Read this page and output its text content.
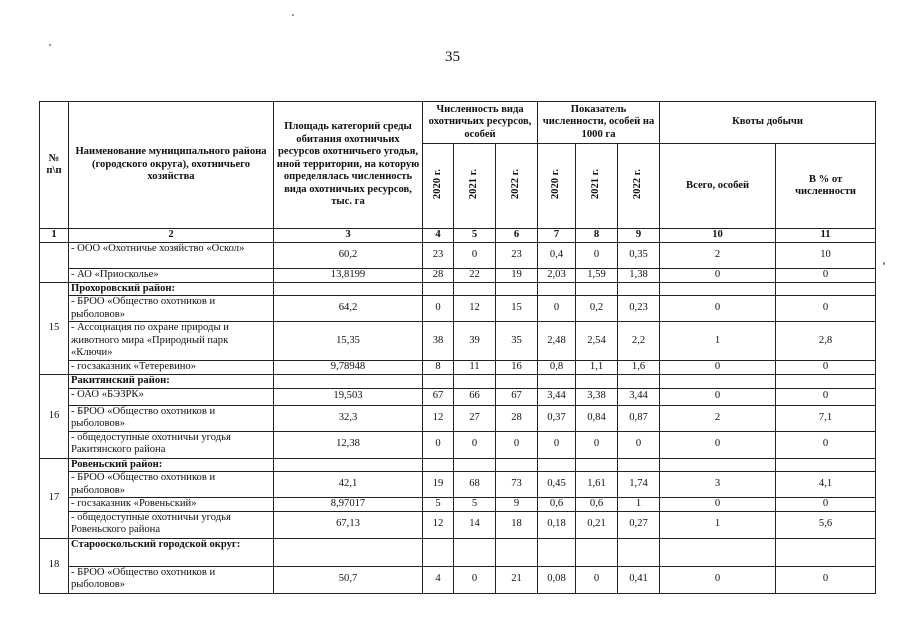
35
№ п\п	Наименование муниципального района (городского округа), охотничьего хозяйства	Площадь категорий среды обитания охотничьих ресурсов охотничьего угодья, иной территории, на которую определялась численность вида охотничьих ресурсов, тыс. га	Численность вида охотничьих ресурсов, особей			Показатель численности, особей на 1000 га			Квоты добычи	
			2020 г.	2021 г.	2022 г.	2020 г.	2021 г.	2022 г.	Всего, особей	В % от численности
1	2	3	4	5	6	7	8	9	10	11
	- ООО «Охотничье хозяйство «Оскол»	60,2	23	0	23	0,4	0	0,35	2	10
	- АО «Приосколье»	13,8199	28	22	19	2,03	1,59	1,38	0	0
15	Прохоровский район:									
	- БРОО «Общество охотников и рыболовов»	64,2	0	12	15	0	0,2	0,23	0	0
	- Ассоциация по охране природы и животного мира «Природный парк «Ключи»	15,35	38	39	35	2,48	2,54	2,2	1	2,8
	- госзаказник «Тетеревино»	9,78948	8	11	16	0,8	1,1	1,6	0	0
16	Ракитянский район:									
	- ОАО «БЭЗРК»	19,503	67	66	67	3,44	3,38	3,44	0	0
	- БРОО «Общество охотников и рыболовов»	32,3	12	27	28	0,37	0,84	0,87	2	7,1
	- общедоступные охотничьи угодья Ракитянского района	12,38	0	0	0	0	0	0	0	0
17	Ровеньский район:									
	- БРОО «Общество охотников и рыболовов»	42,1	19	68	73	0,45	1,61	1,74	3	4,1
	- госзаказник «Ровеньский»	8,97017	5	5	9	0,6	0,6	1	0	0
	- общедоступные охотничьи угодья Ровеньского района	67,13	12	14	18	0,18	0,21	0,27	1	5,6
18	Старооскольский городской округ:									
	- БРОО «Общество охотников и рыболовов»	50,7	4	0	21	0,08	0	0,41	0	0
